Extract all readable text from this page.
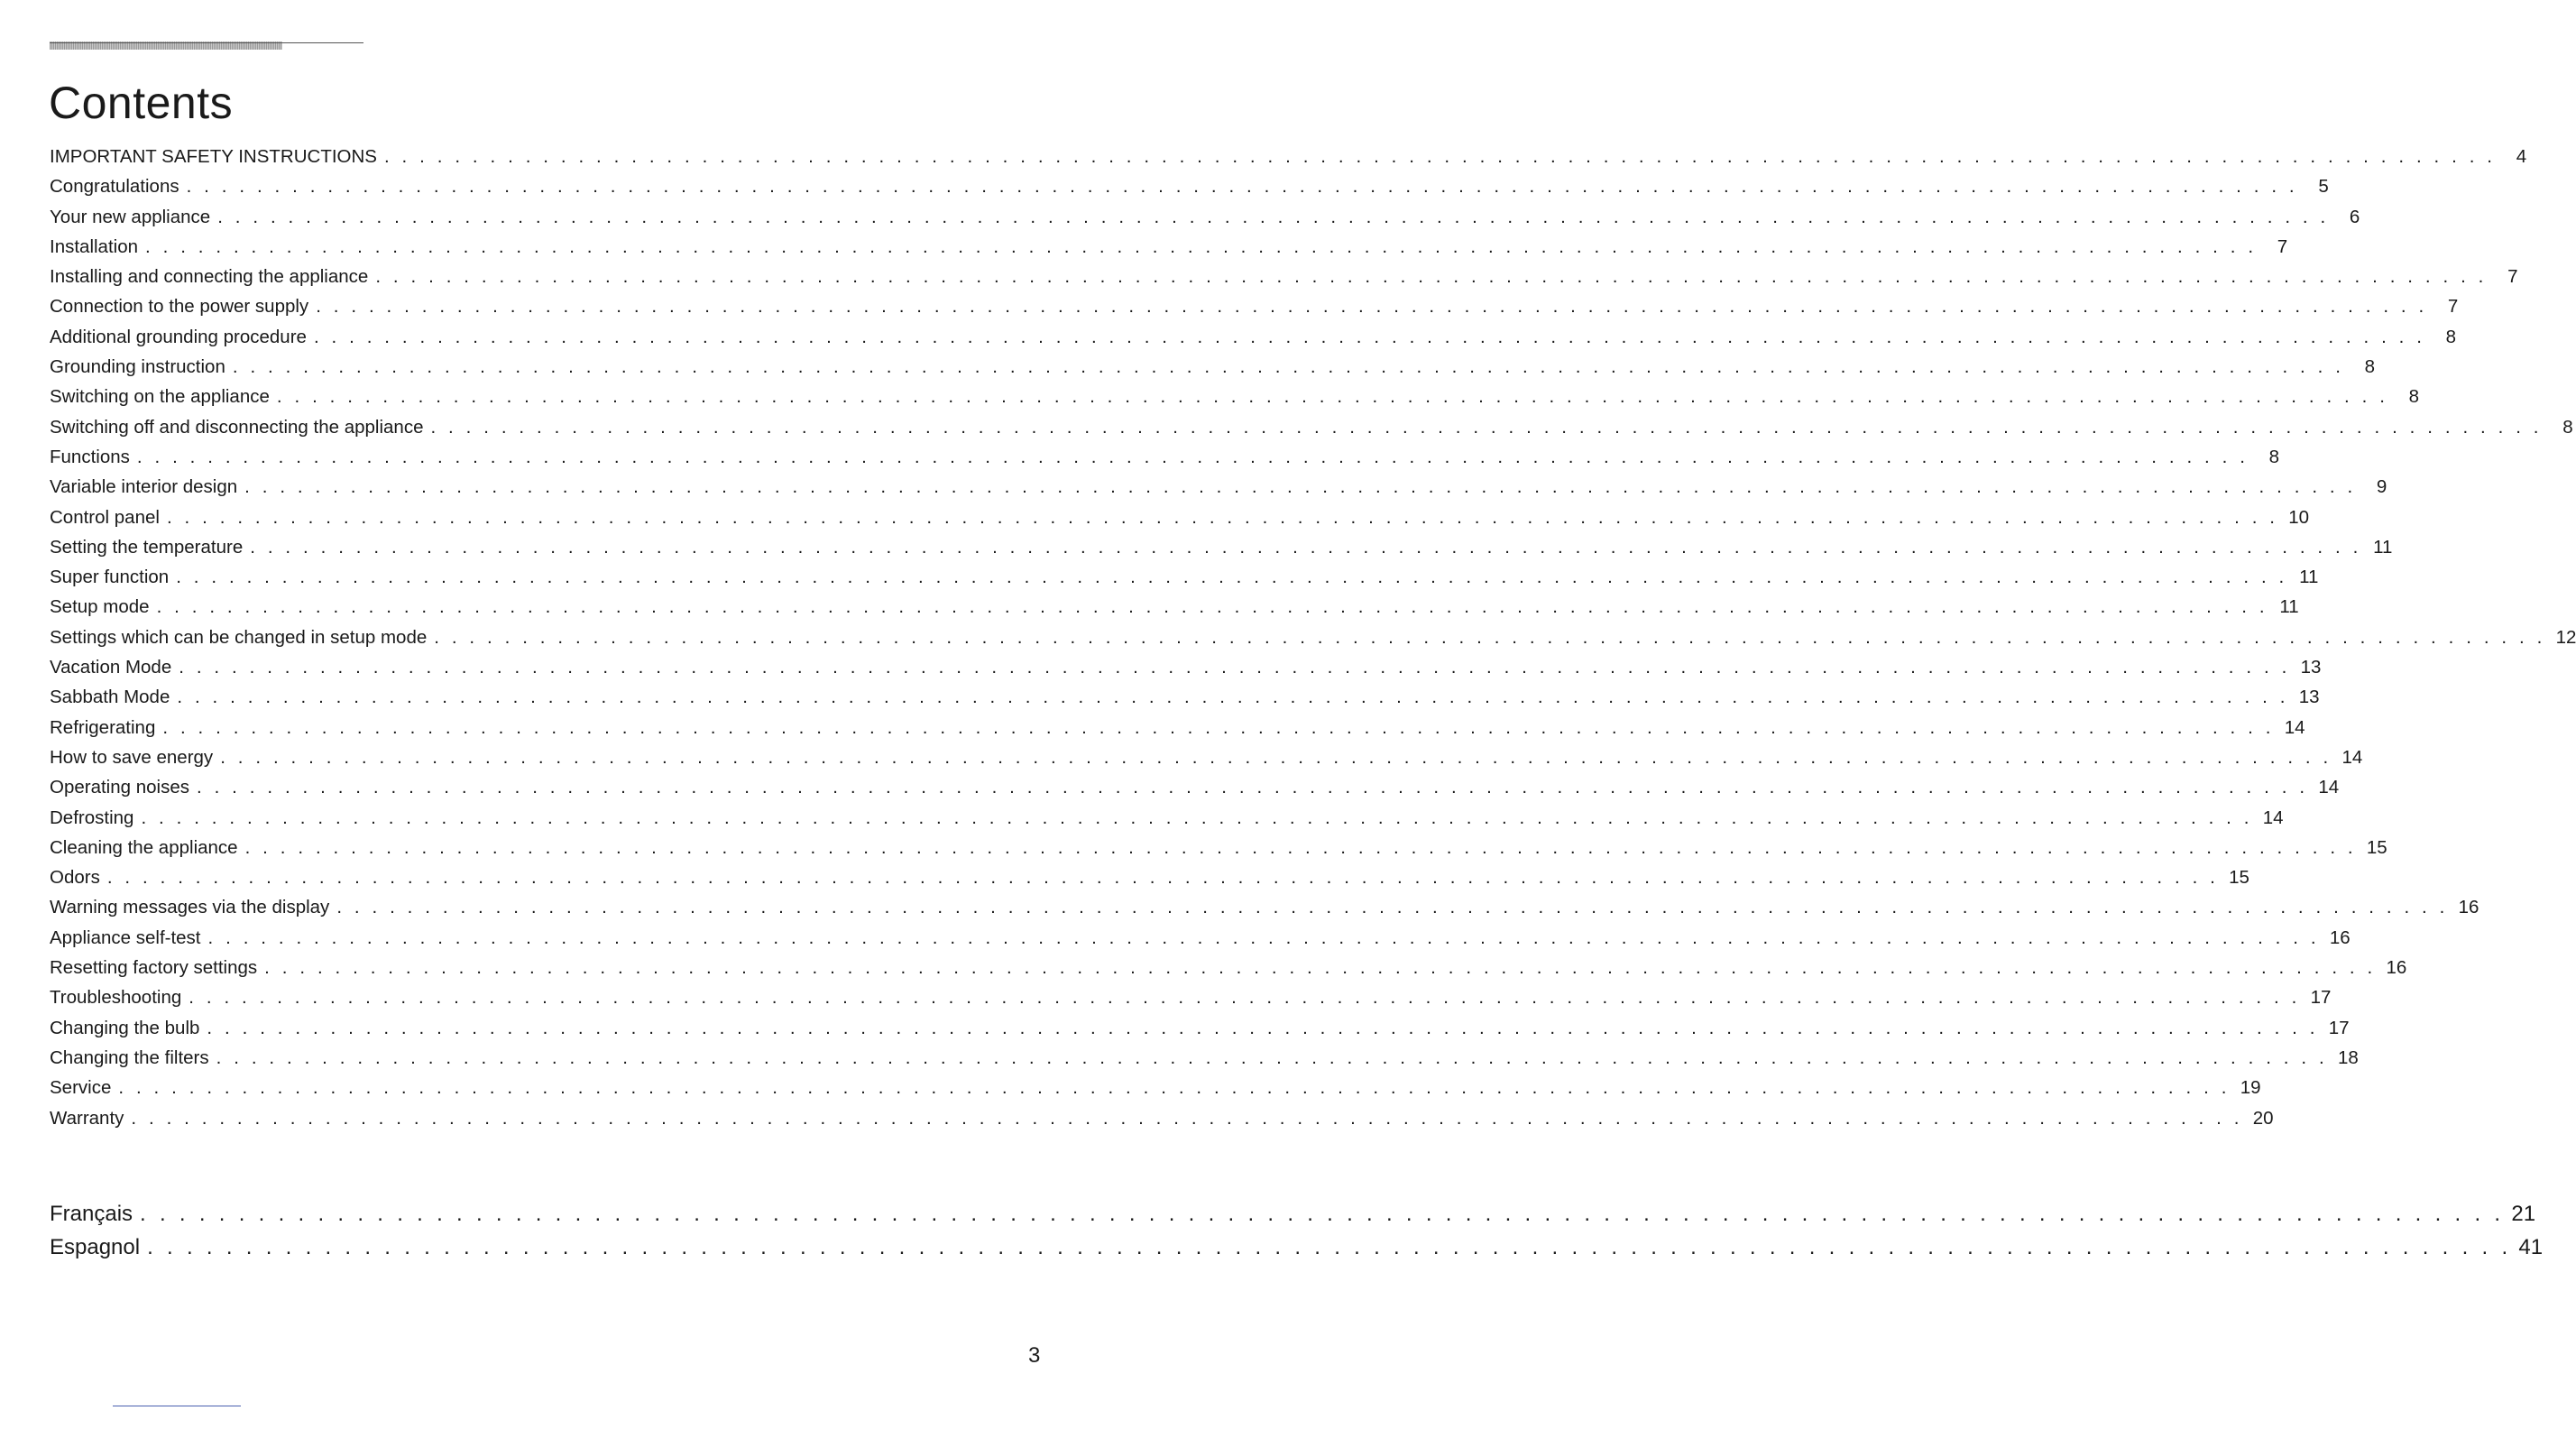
Contents
IMPORTANT SAFETY INSTRUCTIONS . . . . . . . . . . . . . . . . . . . . . . . . . . . . . . . . . . . . . . . . . . . . . . . . . . . . . . . . . . . . . . . . . . . . . . . . . . . . . . . . . . . . . . . . . . . . . . . . . . . . . . . . . . . . . . . . . . . . . . . .	4
Congratulations . . . . . . . . . . . . . . . . . . . . . . . . . . . . . . . . . . . . . . . . . . . . . . . . . . . . . . . . . . . . . . . . . . . . . . . . . . . . . . . . . . . . . . . . . . . . . . . . . . . . . . . . . . . . . . . . . . . . . . . .	5
Your new appliance . . . . . . . . . . . . . . . . . . . . . . . . . . . . . . . . . . . . . . . . . . . . . . . . . . . . . . . . . . . . . . . . . . . . . . . . . . . . . . . . . . . . . . . . . . . . . . . . . . . . . . . . . . . . . . . . . . . . . . . .	6
Installation . . . . . . . . . . . . . . . . . . . . . . . . . . . . . . . . . . . . . . . . . . . . . . . . . . . . . . . . . . . . . . . . . . . . . . . . . . . . . . . . . . . . . . . . . . . . . . . . . . . . . . . . . . . . . . . . . . . . . . . .	7
Installing and connecting the appliance . . . . . . . . . . . . . . . . . . . . . . . . . . . . . . . . . . . . . . . . . . . . . . . . . . . . . . . . . . . . . . . . . . . . . . . . . . . . . . . . . . . . . . . . . . . . . . . . . . . . . . . . . . . . . . . . . . . . . . . .	7
Connection to the power supply . . . . . . . . . . . . . . . . . . . . . . . . . . . . . . . . . . . . . . . . . . . . . . . . . . . . . . . . . . . . . . . . . . . . . . . . . . . . . . . . . . . . . . . . . . . . . . . . . . . . . . . . . . . . . . . . . . . . . . . .	7
Additional grounding procedure . . . . . . . . . . . . . . . . . . . . . . . . . . . . . . . . . . . . . . . . . . . . . . . . . . . . . . . . . . . . . . . . . . . . . . . . . . . . . . . . . . . . . . . . . . . . . . . . . . . . . . . . . . . . . . . . . . . . . . . .	8
Grounding instruction . . . . . . . . . . . . . . . . . . . . . . . . . . . . . . . . . . . . . . . . . . . . . . . . . . . . . . . . . . . . . . . . . . . . . . . . . . . . . . . . . . . . . . . . . . . . . . . . . . . . . . . . . . . . . . . . . . . . . . . .	8
Switching on the appliance . . . . . . . . . . . . . . . . . . . . . . . . . . . . . . . . . . . . . . . . . . . . . . . . . . . . . . . . . . . . . . . . . . . . . . . . . . . . . . . . . . . . . . . . . . . . . . . . . . . . . . . . . . . . . . . . . . . . . . . .	8
Switching off and disconnecting the appliance . . . . . . . . . . . . . . . . . . . . . . . . . . . . . . . . . . . . . . . . . . . . . . . . . . . . . . . . . . . . . . . . . . . . . . . . . . . . . . . . . . . . . . . . . . . . . . . . . . . . . . . . . . . . . . . . . . . . . . . .	8
Functions . . . . . . . . . . . . . . . . . . . . . . . . . . . . . . . . . . . . . . . . . . . . . . . . . . . . . . . . . . . . . . . . . . . . . . . . . . . . . . . . . . . . . . . . . . . . . . . . . . . . . . . . . . . . . . . . . . . . . . . .	8
Variable interior design . . . . . . . . . . . . . . . . . . . . . . . . . . . . . . . . . . . . . . . . . . . . . . . . . . . . . . . . . . . . . . . . . . . . . . . . . . . . . . . . . . . . . . . . . . . . . . . . . . . . . . . . . . . . . . . . . . . . . . . .	9
Control panel . . . . . . . . . . . . . . . . . . . . . . . . . . . . . . . . . . . . . . . . . . . . . . . . . . . . . . . . . . . . . . . . . . . . . . . . . . . . . . . . . . . . . . . . . . . . . . . . . . . . . . . . . . . . . . . . . . . . . . . . 10
Setting the temperature . . . . . . . . . . . . . . . . . . . . . . . . . . . . . . . . . . . . . . . . . . . . . . . . . . . . . . . . . . . . . . . . . . . . . . . . . . . . . . . . . . . . . . . . . . . . . . . . . . . . . . . . . . . . . . . . . . . . . . . . 11
Super function . . . . . . . . . . . . . . . . . . . . . . . . . . . . . . . . . . . . . . . . . . . . . . . . . . . . . . . . . . . . . . . . . . . . . . . . . . . . . . . . . . . . . . . . . . . . . . . . . . . . . . . . . . . . . . . . . . . . . . . . 11
Setup mode . . . . . . . . . . . . . . . . . . . . . . . . . . . . . . . . . . . . . . . . . . . . . . . . . . . . . . . . . . . . . . . . . . . . . . . . . . . . . . . . . . . . . . . . . . . . . . . . . . . . . . . . . . . . . . . . . . . . . . . . 11
Settings which can be changed in setup mode . . . . . . . . . . . . . . . . . . . . . . . . . . . . . . . . . . . . . . . . . . . . . . . . . . . . . . . . . . . . . . . . . . . . . . . . . . . . . . . . . . . . . . . . . . . . . . . . . . . . . . . . . . . . . . . . . . . . . . . . 12
Vacation Mode . . . . . . . . . . . . . . . . . . . . . . . . . . . . . . . . . . . . . . . . . . . . . . . . . . . . . . . . . . . . . . . . . . . . . . . . . . . . . . . . . . . . . . . . . . . . . . . . . . . . . . . . . . . . . . . . . . . . . . . . 13
Sabbath Mode . . . . . . . . . . . . . . . . . . . . . . . . . . . . . . . . . . . . . . . . . . . . . . . . . . . . . . . . . . . . . . . . . . . . . . . . . . . . . . . . . . . . . . . . . . . . . . . . . . . . . . . . . . . . . . . . . . . . . . . . 13
Refrigerating . . . . . . . . . . . . . . . . . . . . . . . . . . . . . . . . . . . . . . . . . . . . . . . . . . . . . . . . . . . . . . . . . . . . . . . . . . . . . . . . . . . . . . . . . . . . . . . . . . . . . . . . . . . . . . . . . . . . . . . . 14
How to save energy . . . . . . . . . . . . . . . . . . . . . . . . . . . . . . . . . . . . . . . . . . . . . . . . . . . . . . . . . . . . . . . . . . . . . . . . . . . . . . . . . . . . . . . . . . . . . . . . . . . . . . . . . . . . . . . . . . . . . . . . 14
Operating noises . . . . . . . . . . . . . . . . . . . . . . . . . . . . . . . . . . . . . . . . . . . . . . . . . . . . . . . . . . . . . . . . . . . . . . . . . . . . . . . . . . . . . . . . . . . . . . . . . . . . . . . . . . . . . . . . . . . . . . . . 14
Defrosting . . . . . . . . . . . . . . . . . . . . . . . . . . . . . . . . . . . . . . . . . . . . . . . . . . . . . . . . . . . . . . . . . . . . . . . . . . . . . . . . . . . . . . . . . . . . . . . . . . . . . . . . . . . . . . . . . . . . . . . . 14
Cleaning the appliance . . . . . . . . . . . . . . . . . . . . . . . . . . . . . . . . . . . . . . . . . . . . . . . . . . . . . . . . . . . . . . . . . . . . . . . . . . . . . . . . . . . . . . . . . . . . . . . . . . . . . . . . . . . . . . . . . . . . . . . . 15
Odors . . . . . . . . . . . . . . . . . . . . . . . . . . . . . . . . . . . . . . . . . . . . . . . . . . . . . . . . . . . . . . . . . . . . . . . . . . . . . . . . . . . . . . . . . . . . . . . . . . . . . . . . . . . . . . . . . . . . . . . . 15
Warning messages via the display . . . . . . . . . . . . . . . . . . . . . . . . . . . . . . . . . . . . . . . . . . . . . . . . . . . . . . . . . . . . . . . . . . . . . . . . . . . . . . . . . . . . . . . . . . . . . . . . . . . . . . . . . . . . . . . . . . . . . . . . 16
Appliance self-test . . . . . . . . . . . . . . . . . . . . . . . . . . . . . . . . . . . . . . . . . . . . . . . . . . . . . . . . . . . . . . . . . . . . . . . . . . . . . . . . . . . . . . . . . . . . . . . . . . . . . . . . . . . . . . . . . . . . . . . . 16
Resetting factory settings . . . . . . . . . . . . . . . . . . . . . . . . . . . . . . . . . . . . . . . . . . . . . . . . . . . . . . . . . . . . . . . . . . . . . . . . . . . . . . . . . . . . . . . . . . . . . . . . . . . . . . . . . . . . . . . . . . . . . . . . 16
Troubleshooting . . . . . . . . . . . . . . . . . . . . . . . . . . . . . . . . . . . . . . . . . . . . . . . . . . . . . . . . . . . . . . . . . . . . . . . . . . . . . . . . . . . . . . . . . . . . . . . . . . . . . . . . . . . . . . . . . . . . . . . . 17
Changing the bulb . . . . . . . . . . . . . . . . . . . . . . . . . . . . . . . . . . . . . . . . . . . . . . . . . . . . . . . . . . . . . . . . . . . . . . . . . . . . . . . . . . . . . . . . . . . . . . . . . . . . . . . . . . . . . . . . . . . . . . . . 17
Changing the filters . . . . . . . . . . . . . . . . . . . . . . . . . . . . . . . . . . . . . . . . . . . . . . . . . . . . . . . . . . . . . . . . . . . . . . . . . . . . . . . . . . . . . . . . . . . . . . . . . . . . . . . . . . . . . . . . . . . . . . . . 18
Service . . . . . . . . . . . . . . . . . . . . . . . . . . . . . . . . . . . . . . . . . . . . . . . . . . . . . . . . . . . . . . . . . . . . . . . . . . . . . . . . . . . . . . . . . . . . . . . . . . . . . . . . . . . . . . . . . . . . . . . . 19
Warranty . . . . . . . . . . . . . . . . . . . . . . . . . . . . . . . . . . . . . . . . . . . . . . . . . . . . . . . . . . . . . . . . . . . . . . . . . . . . . . . . . . . . . . . . . . . . . . . . . . . . . . . . . . . . . . . . . . . . . . . . 20
Français . . . . . . . . . . . . . . . . . . . . . . . . . . . . . . . . . . . . . . . . . . . . . . . . . . . . . . . . . . . . . . . . . . . . . . . . . . . . . . . . . . . . . . . . . . . . . . . . . . . . . . . . . . . . . . . . . . . . . . . . 21
Espagnol . . . . . . . . . . . . . . . . . . . . . . . . . . . . . . . . . . . . . . . . . . . . . . . . . . . . . . . . . . . . . . . . . . . . . . . . . . . . . . . . . . . . . . . . . . . . . . . . . . . . . . . . . . . . . . . . . . . . . . . . 41
3
